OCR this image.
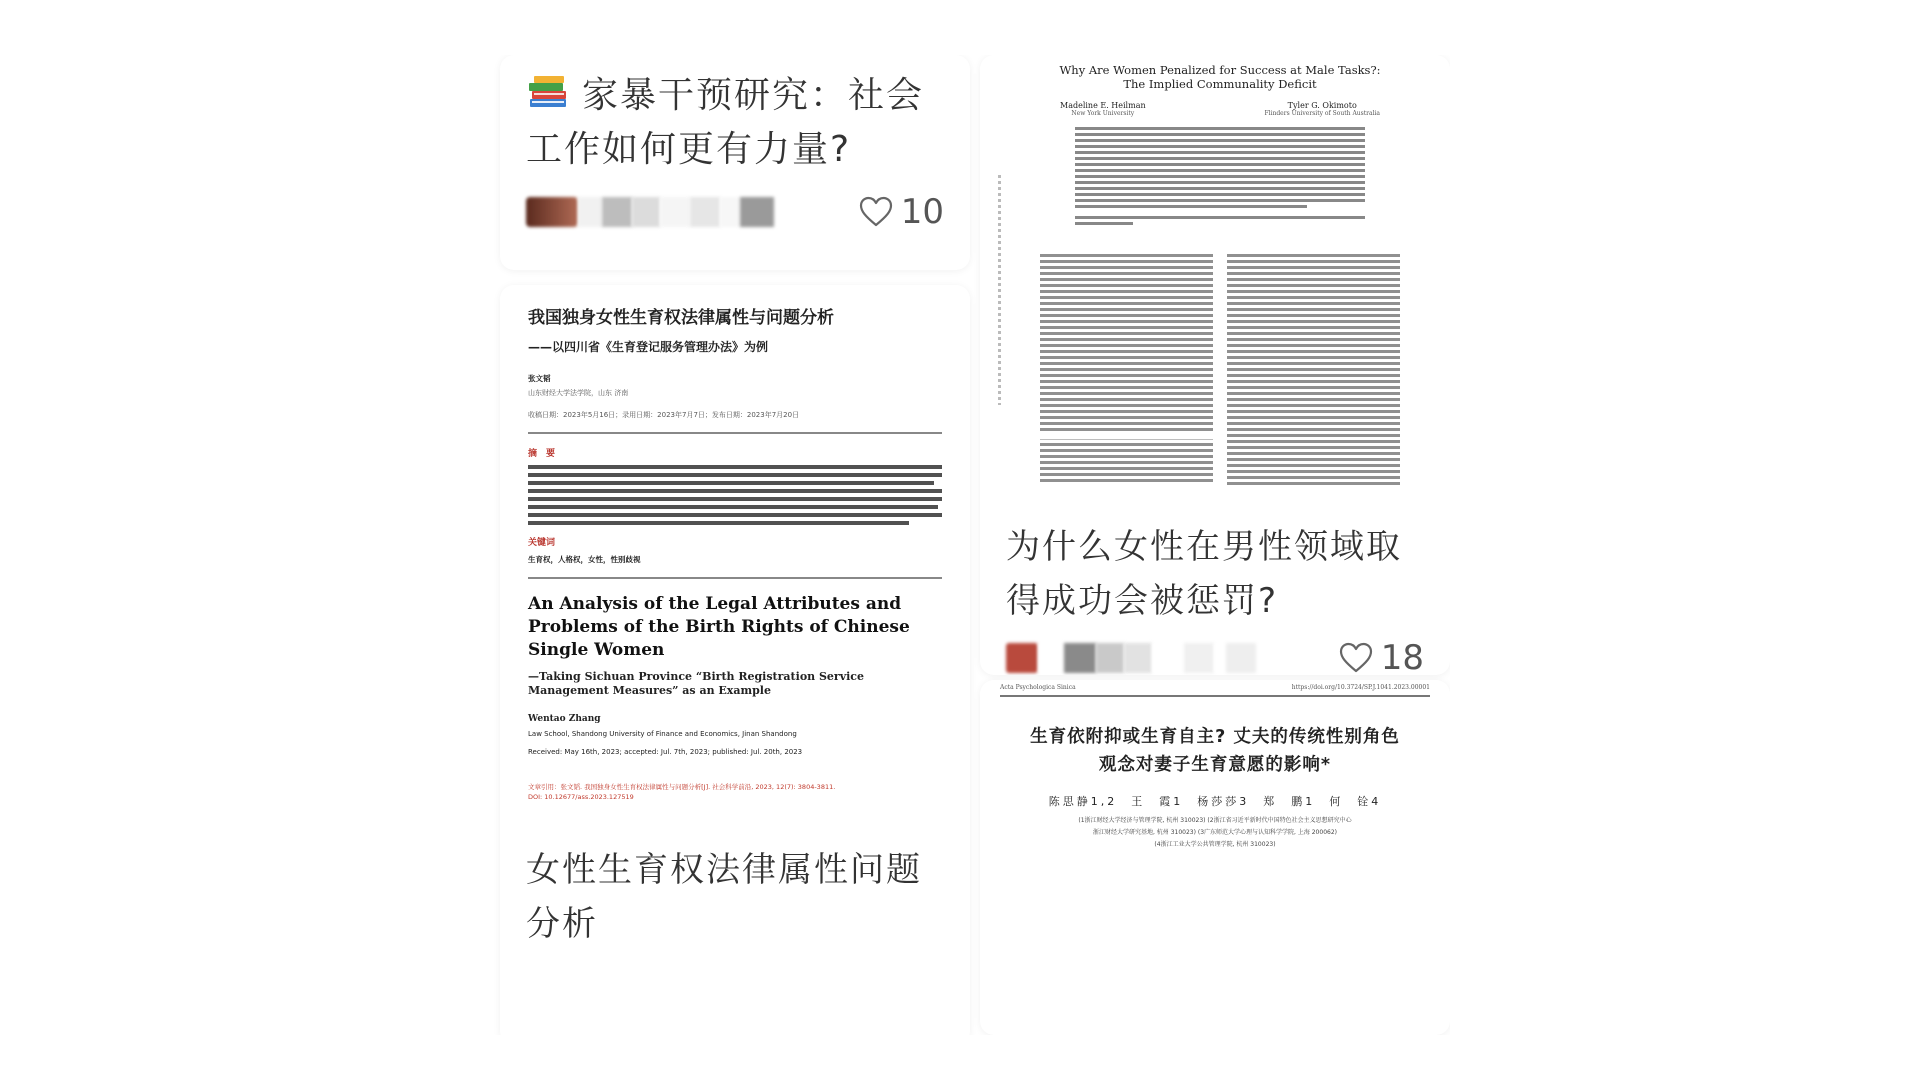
家暴干预研究：社会工作如何更有力量?
10
我国独身女性生育权法律属性与问题分析
——以四川省《生育登记服务管理办法》为例
张文韬
山东财经大学法学院，山东 济南
收稿日期：2023年5月16日；录用日期：2023年7月7日；发布日期：2023年7月20日
摘　要
关键词
生育权，人格权，女性，性别歧视
An Analysis of the Legal Attributes and Problems of the Birth Rights of Chinese Single Women
—Taking Sichuan Province “Birth Registration Service Management Measures” as an Example
Wentao Zhang
Law School, Shandong University of Finance and Economics, Jinan Shandong
Received: May 16th, 2023; accepted: Jul. 7th, 2023; published: Jul. 20th, 2023
文章引用：张文韬. 我国独身女性生育权法律属性与问题分析[J]. 社会科学前沿, 2023, 12(7): 3804-3811.
DOI: 10.12677/ass.2023.127519
女性生育权法律属性问题分析
Why Are Women Penalized for Success at Male Tasks?:
The Implied Communality Deficit
Madeline E. Heilman
New York University
Tyler G. Okimoto
Flinders University of South Australia
为什么女性在男性领域取得成功会被惩罚?
18
Acta Psychologica Sinica	https://doi.org/10.3724/SP.J.1041.2023.00001
生育依附抑或生育自主? 丈夫的传统性别角色
观念对妻子生育意愿的影响*
陈思静1,2　王　霞1　杨莎莎3　郑　鹏1　何　铨4
(1浙江财经大学经济与管理学院, 杭州 310023) (2浙江省习近平新时代中国特色社会主义思想研究中心
浙江财经大学研究基地, 杭州 310023) (3广东师范大学心理与认知科学学院, 上海 200062)
(4浙江工业大学公共管理学院, 杭州 310023)
